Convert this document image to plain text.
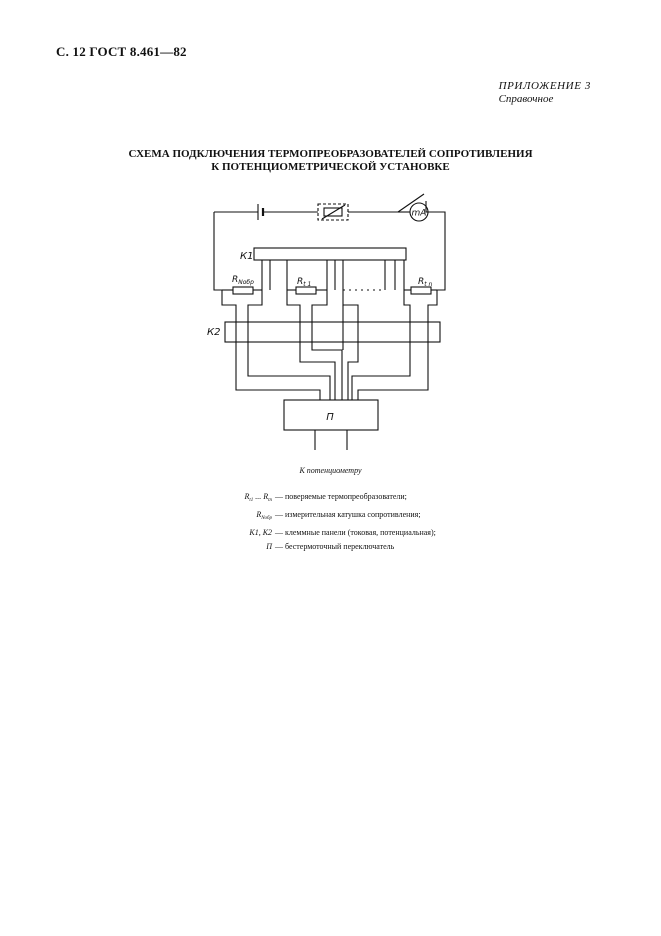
С. 12 ГОСТ 8.461—82
ПРИЛОЖЕНИЕ 3
Справочное
СХЕМА ПОДКЛЮЧЕНИЯ ТЕРМОПРЕОБРАЗОВАТЕЛЕЙ СОПРОТИВЛЕНИЯ
К ПОТЕНЦИОМЕТРИЧЕСКОЙ УСТАНОВКЕ
mA
К1
К2
$R_{Nобр}$	$R_{t 1}$	$R_{t n}$
П
К потенциометру
$R_{t1}$ ... $R_{tn}$ — поверяемые термопреобразователи;
$R_{Nобр}$ — измерительная катушка сопротивления;
К1, К2 — клеммные панели (токовая, потенциальная);
П — бестермоточный переключатель
